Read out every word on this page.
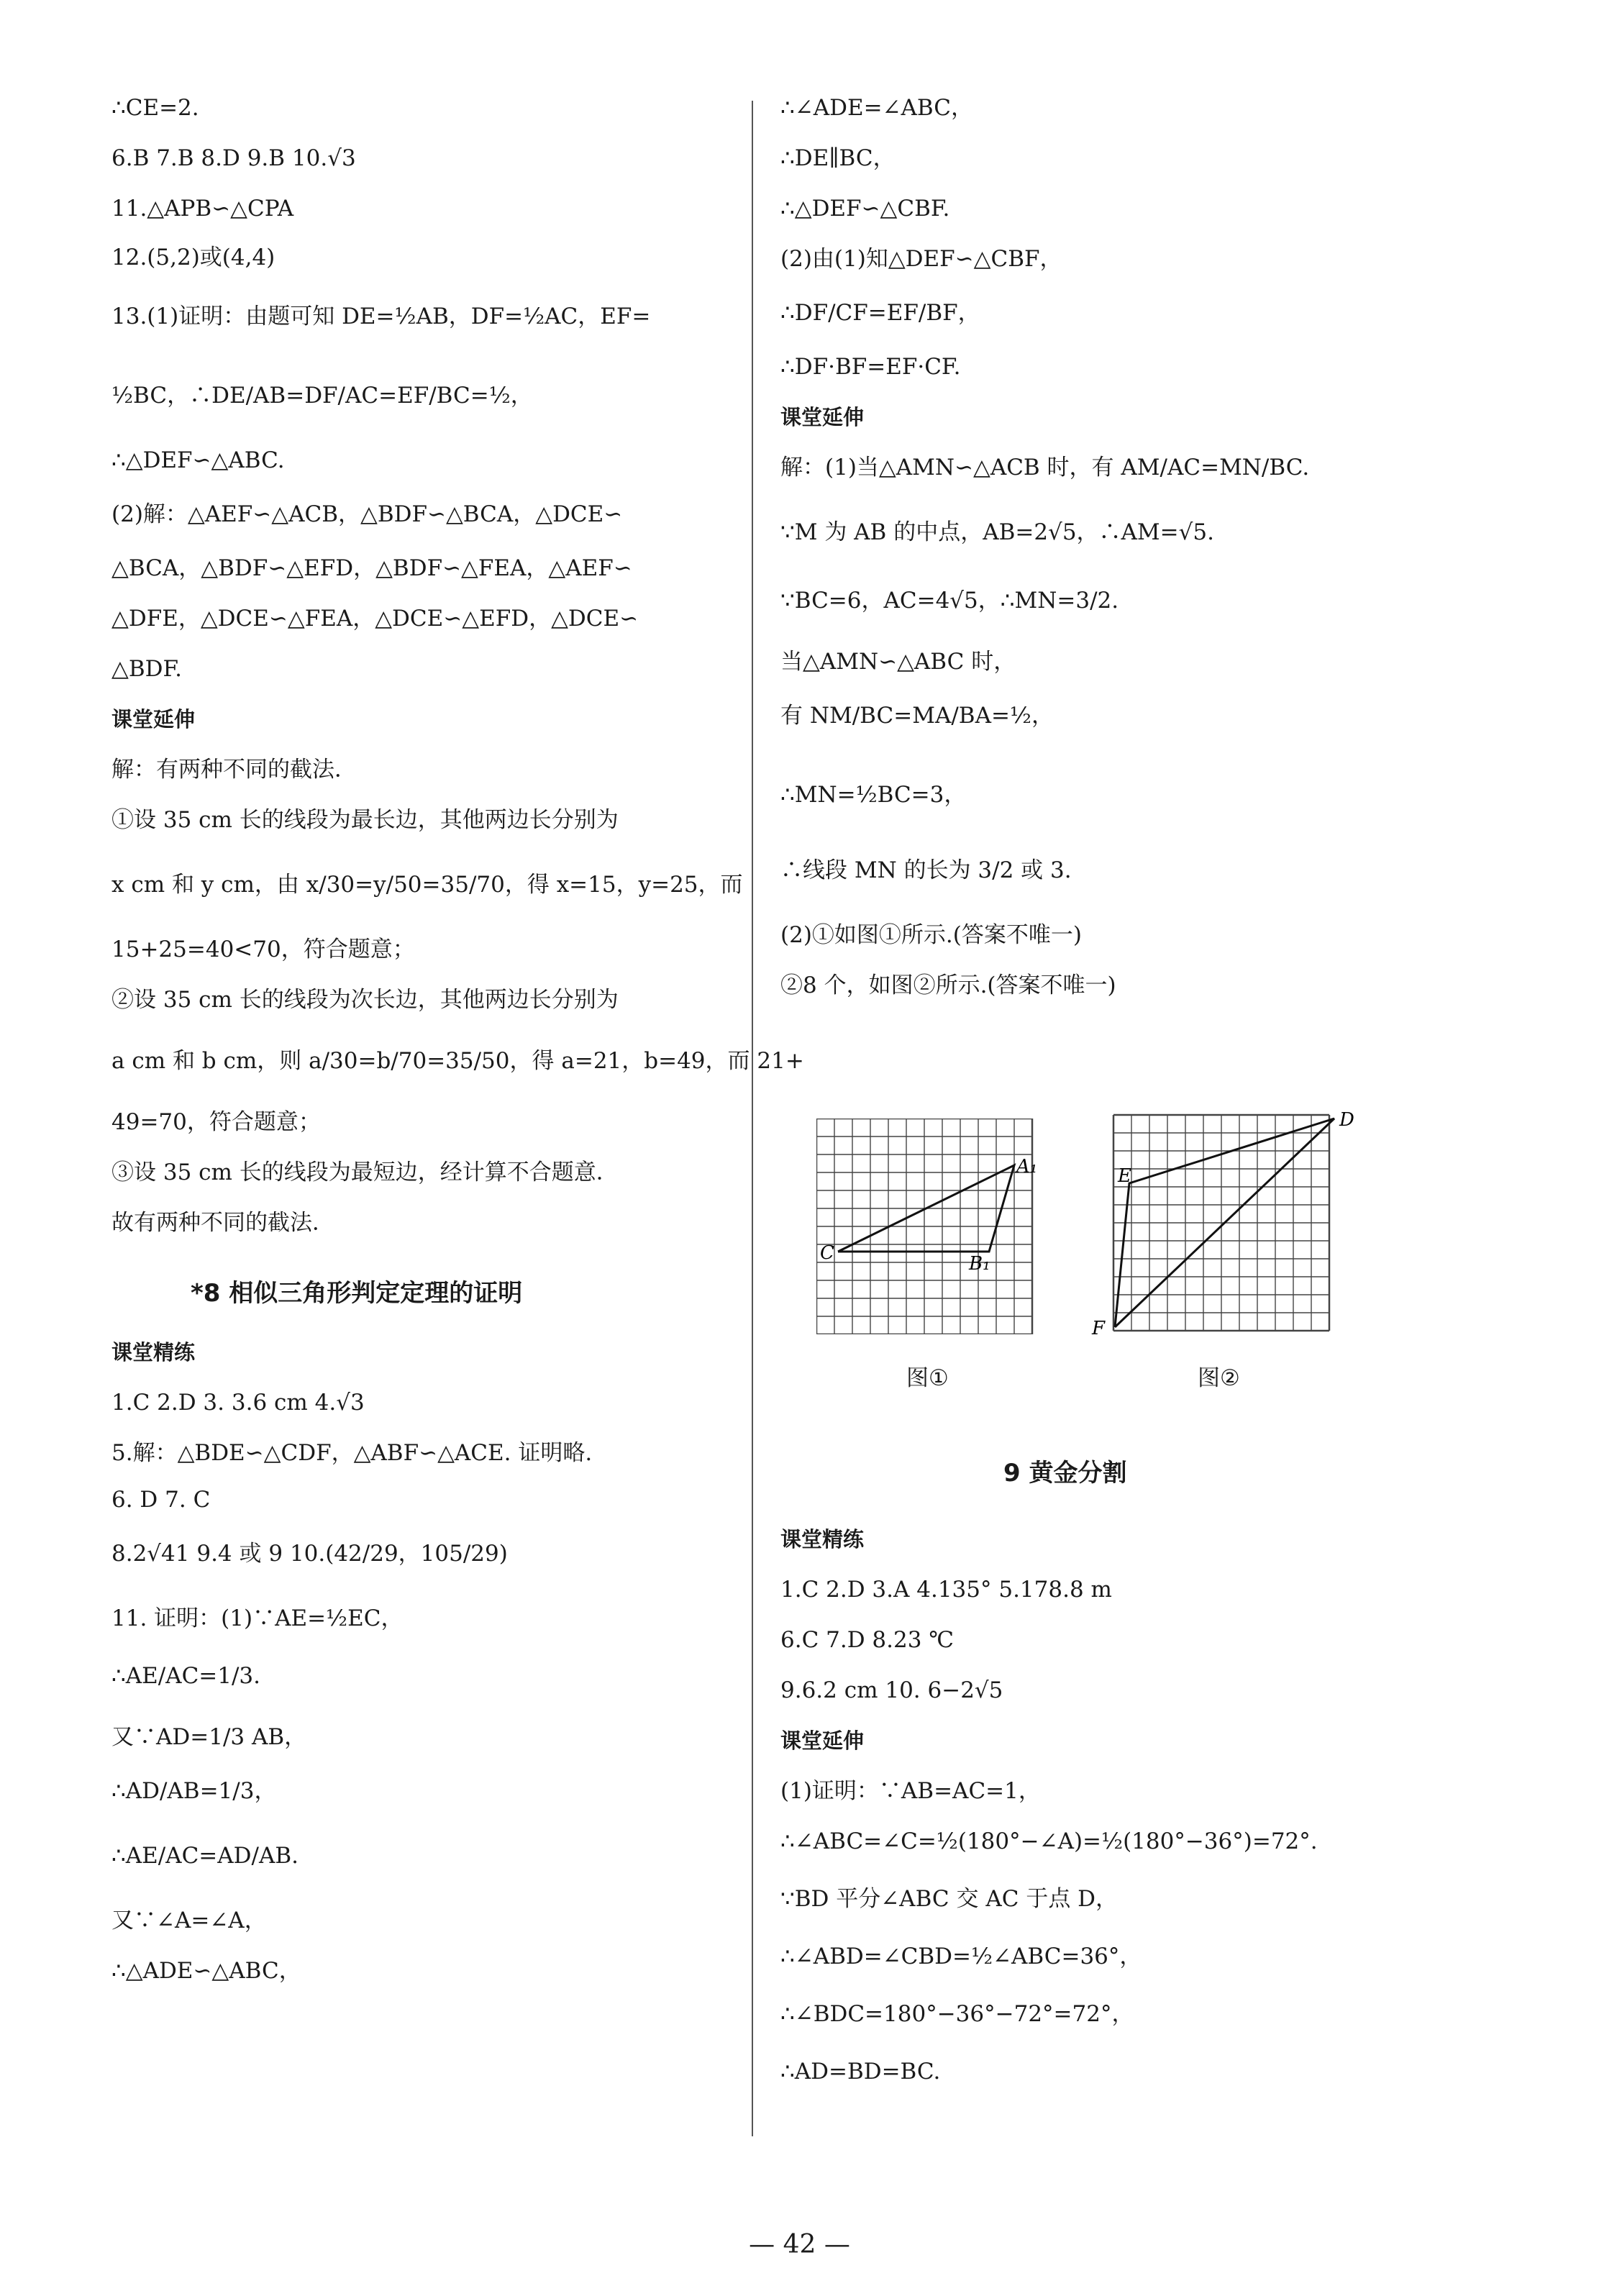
∴CE=2.
6.B 7.B 8.D 9.B 10.√3
11.△APB∽△CPA
12.(5,2)或(4,4)
13.(1)证明：由题可知 DE=½AB，DF=½AC，EF=
½BC，∴DE/AB=DF/AC=EF/BC=½，
∴△DEF∽△ABC.
(2)解：△AEF∽△ACB，△BDF∽△BCA，△DCE∽
△BCA，△BDF∽△EFD，△BDF∽△FEA，△AEF∽
△DFE，△DCE∽△FEA，△DCE∽△EFD，△DCE∽
△BDF.
课堂延伸
解：有两种不同的截法．
①设 35 cm 长的线段为最长边，其他两边长分别为
x cm 和 y cm，由 x/30=y/50=35/70，得 x=15，y=25，而
15+25=40<70，符合题意；
②设 35 cm 长的线段为次长边，其他两边长分别为
a cm 和 b cm，则 a/30=b/70=35/50，得 a=21，b=49，而 21+
49=70，符合题意；
③设 35 cm 长的线段为最短边，经计算不合题意．
故有两种不同的截法．
*8 相似三角形判定定理的证明
课堂精练
1.C 2.D 3. 3.6 cm 4.√3
5.解：△BDE∽△CDF，△ABF∽△ACE. 证明略.
6. D 7. C
8.2√41 9.4 或 9 10.(42/29，105/29)
11. 证明：(1)∵AE=½EC，
∴AE/AC=1/3.
又∵AD=1/3 AB，
∴AD/AB=1/3，
∴AE/AC=AD/AB.
又∵∠A=∠A，
∴△ADE∽△ABC，
∴∠ADE=∠ABC，
∴DE∥BC，
∴△DEF∽△CBF.
(2)由(1)知△DEF∽△CBF，
∴DF/CF=EF/BF，
∴DF·BF=EF·CF.
课堂延伸
解：(1)当△AMN∽△ACB 时，有 AM/AC=MN/BC.
∵M 为 AB 的中点，AB=2√5，∴AM=√5.
∵BC=6，AC=4√5，∴MN=3/2.
当△AMN∽△ABC 时，
有 NM/BC=MA/BA=½，
∴MN=½BC=3，
∴线段 MN 的长为 3/2 或 3.
(2)①如图①所示.(答案不唯一)
②8 个，如图②所示.(答案不唯一)
9 黄金分割
课堂精练
1.C 2.D 3.A 4.135° 5.178.8 m
6.C 7.D 8.23 ℃
9.6.2 cm 10. 6−2√5
课堂延伸
(1)证明：∵AB=AC=1，
∴∠ABC=∠C=½(180°−∠A)=½(180°−36°)=72°.
∵BD 平分∠ABC 交 AC 于点 D，
∴∠ABD=∠CBD=½∠ABC=36°，
∴∠BDC=180°−36°−72°=72°，
∴AD=BD=BC.
A₁
B₁
C
图①
D
E
F
图②
— 42 —
